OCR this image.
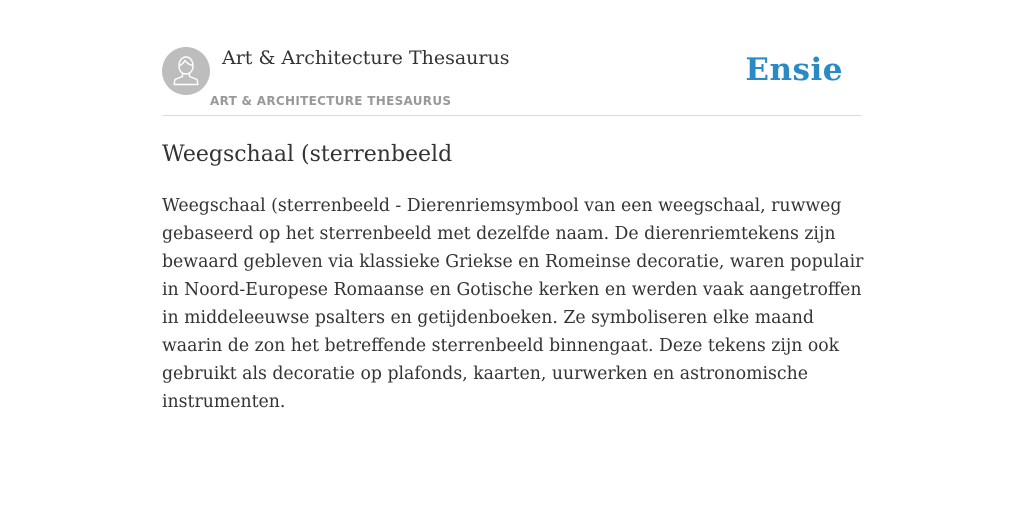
Art & Architecture Thesaurus
ART & ARCHITECTURE THESAURUS
Ensie
Weegschaal (sterrenbeeld

Weegschaal (sterrenbeeld - Dierenriemsymbool van een weegschaal, ruwweg gebaseerd op het sterrenbeeld met dezelfde naam. De dierenriemtekens zijn bewaard gebleven via klassieke Griekse en Romeinse decoratie, waren populair in Noord-Europese Romaanse en Gotische kerken en werden vaak aangetroffen in middeleeuwse psalters en getijdenboeken. Ze symboliseren elke maand waarin de zon het betreffende sterrenbeeld binnengaat. Deze tekens zijn ook gebruikt als decoratie op plafonds, kaarten, uurwerken en astronomische instrumenten.
